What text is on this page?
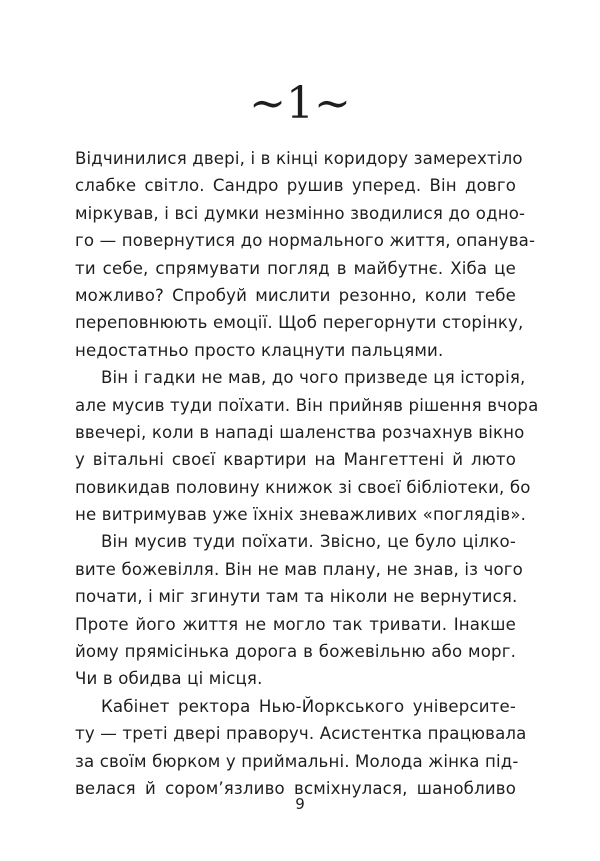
~1~
Відчинилися двері, і в кінці коридору замерехтіло
слабке світло. Сандро рушив уперед. Він довго
міркував, і всі думки незмінно зводилися до одно-
го — повернутися до нормального життя, опанува-
ти себе, спрямувати погляд в майбутнє. Хіба це
можливо? Спробуй мислити резонно, коли тебе
переповнюють емоції. Щоб перегорнути сторінку,
недостатньо просто клацнути пальцями.
Він і гадки не мав, до чого призведе ця історія,
але мусив туди поїхати. Він прийняв рішення вчора
ввечері, коли в нападі шаленства розчахнув вікно
у вітальні своєї квартири на Мангеттені й люто
повикидав половину книжок зі своєї бібліотеки, бо
не витримував уже їхніх зневажливих «поглядів».
Він мусив туди поїхати. Звісно, це було цілко-
вите божевілля. Він не мав плану, не знав, із чого
почати, і міг згинути там та ніколи не вернутися.
Проте його життя не могло так тривати. Інакше
йому прямісінька дорога в божевільню або морг.
Чи в обидва ці місця.
Кабінет ректора Нью-Йоркського університе-
ту — треті двері праворуч. Асистентка працювала
за своїм бюрком у приймальні. Молода жінка під-
велася й сором’язливо всміхнулася, шанобливо
9
